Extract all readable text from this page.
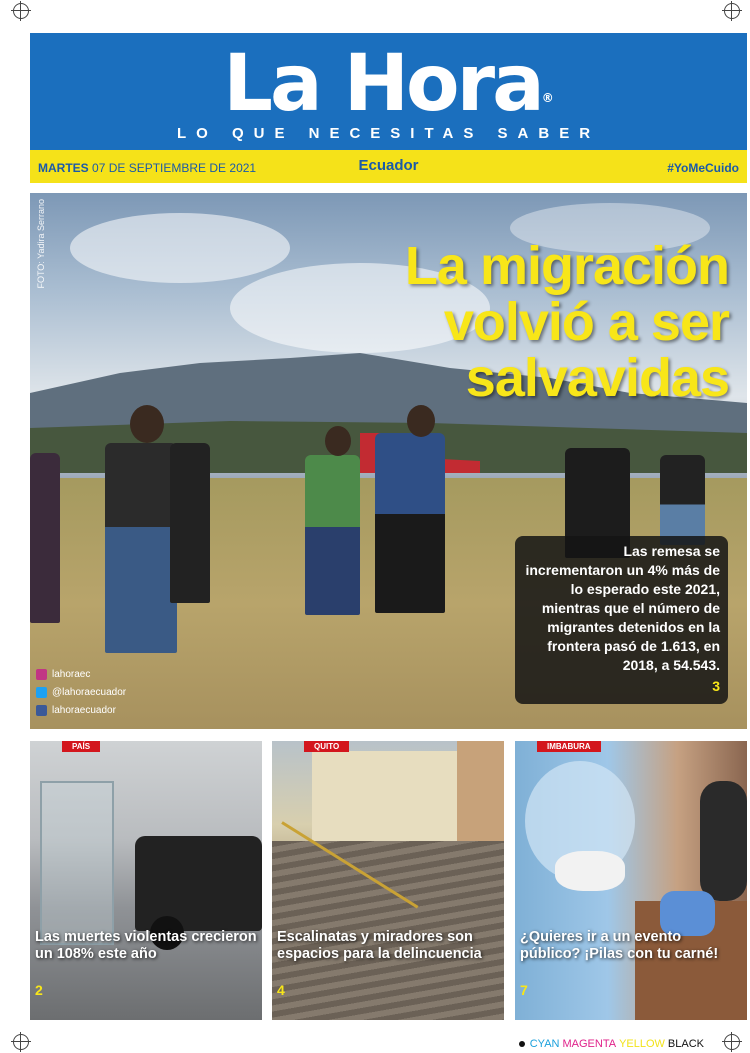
La Hora®
LO QUE NECESITAS SABER
MARTES 07 DE SEPTIEMBRE DE 2021	Ecuador	#YoMeCuido
FOTO: Yadira Serrano	La migración
volvió a ser
salvavidas
Las remesa se incrementaron un 4% más de lo esperado este 2021, mientras que el número de migrantes detenidos en la frontera pasó de 1.613, en 2018, a 54.543.
3
lahoraec
@lahoraecuador
lahoraecuador
PAÍS
Las muertes violentas crecieron un 108% este año
2
QUITO
Escalinatas y miradores son espacios para la delincuencia
4
IMBABURA
¿Quieres ir a un evento público? ¡Pilas con tu carné!
7
CYAN MAGENTA YELLOW BLACK
